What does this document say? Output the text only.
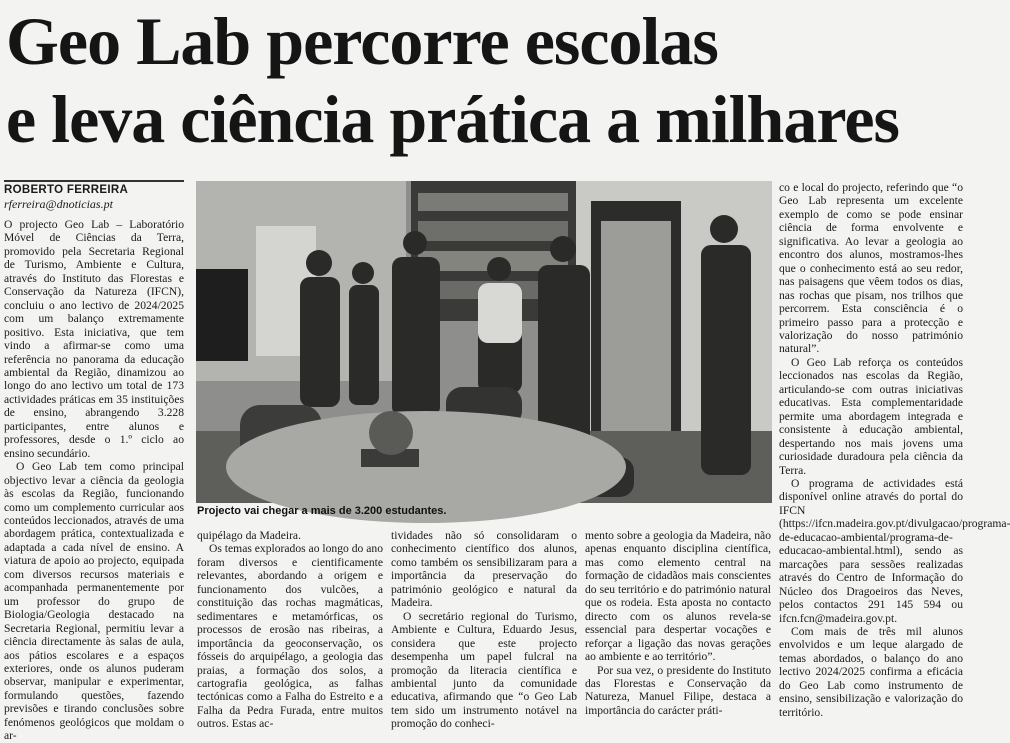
Geo Lab percorre escolas
e leva ciência prática a milhares
ROBERTO FERREIRA
rferreira@dnoticias.pt

O projecto Geo Lab – Laboratório Móvel de Ciências da Terra, promovido pela Secretaria Regional de Turismo, Ambiente e Cultura, através do Instituto das Florestas e Conservação da Natureza (IFCN), concluiu o ano lectivo de 2024/2025 com um balanço extremamente positivo. Esta iniciativa, que tem vindo a afirmar-se como uma referência no panorama da educação ambiental da Região, dinamizou ao longo do ano lectivo um total de 173 actividades práticas em 35 instituições de ensino, abrangendo 3.228 participantes, entre alunos e professores, desde o 1.º ciclo ao ensino secundário.

O Geo Lab tem como principal objectivo levar a ciência da geologia às escolas da Região, funcionando como um complemento curricular aos conteúdos leccionados, através de uma abordagem prática, contextualizada e adaptada a cada nível de ensino. A viatura de apoio ao projecto, equipada com diversos recursos materiais e acompanhada permanentemente por um professor do grupo de Biologia/Geologia destacado na Secretaria Regional, permitiu levar a ciência directamente às salas de aula, aos pátios escolares e a espaços exteriores, onde os alunos puderam observar, manipular e experimentar, formulando questões, fazendo previsões e tirando conclusões sobre fenómenos geológicos que moldam o ar-

Projecto vai chegar a mais de 3.200 estudantes.

quipélago da Madeira.

Os temas explorados ao longo do ano foram diversos e cientificamente relevantes, abordando a origem e funcionamento dos vulcões, a constituição das rochas magmáticas, sedimentares e metamórficas, os processos de erosão nas ribeiras, a importância da geoconservação, os fósseis do arquipélago, a geologia das praias, a formação dos solos, a cartografia geológica, as falhas tectónicas como a Falha do Estreito e a Falha da Pedra Furada, entre muitos outros. Estas ac-

tividades não só consolidaram o conhecimento científico dos alunos, como também os sensibilizaram para a importância da preservação do património geológico e natural da Madeira.

O secretário regional do Turismo, Ambiente e Cultura, Eduardo Jesus, considera que este projecto desempenha um papel fulcral na promoção da literacia científica e ambiental junto da comunidade educativa, afirmando que “o Geo Lab tem sido um instrumento notável na promoção do conheci-

mento sobre a geologia da Madeira, não apenas enquanto disciplina científica, mas como elemento central na formação de cidadãos mais conscientes do seu território e do património natural que os rodeia. Esta aposta no contacto directo com os alunos revela-se essencial para despertar vocações e reforçar a ligação das novas gerações ao ambiente e ao território”.

Por sua vez, o presidente do Instituto das Florestas e Conservação da Natureza, Manuel Filipe, destaca a importância do carácter práti-

co e local do projecto, referindo que “o Geo Lab representa um excelente exemplo de como se pode ensinar ciência de forma envolvente e significativa. Ao levar a geologia ao encontro dos alunos, mostramos-lhes que o conhecimento está ao seu redor, nas paisagens que vêem todos os dias, nas rochas que pisam, nos trilhos que percorrem. Esta consciência é o primeiro passo para a protecção e valorização do nosso património natural”.

O Geo Lab reforça os conteúdos leccionados nas escolas da Região, articulando-se com outras iniciativas educativas. Esta complementaridade permite uma abordagem integrada e consistente à educação ambiental, despertando nos mais jovens uma curiosidade duradoura pela ciência da Terra.

O programa de actividades está disponível online através do portal do IFCN (https://ifcn.madeira.gov.pt/divulgacao/programa-de-educacao-ambiental/programa-de-educacao-ambiental.html), sendo as marcações para sessões realizadas através do Centro de Informação do Núcleo dos Dragoeiros das Neves, pelos contactos 291 145 594 ou ifcn.fcn@madeira.gov.pt.

Com mais de três mil alunos envolvidos e um leque alargado de temas abordados, o balanço do ano lectivo 2024/2025 confirma a eficácia do Geo Lab como instrumento de ensino, sensibilização e valorização do território.
